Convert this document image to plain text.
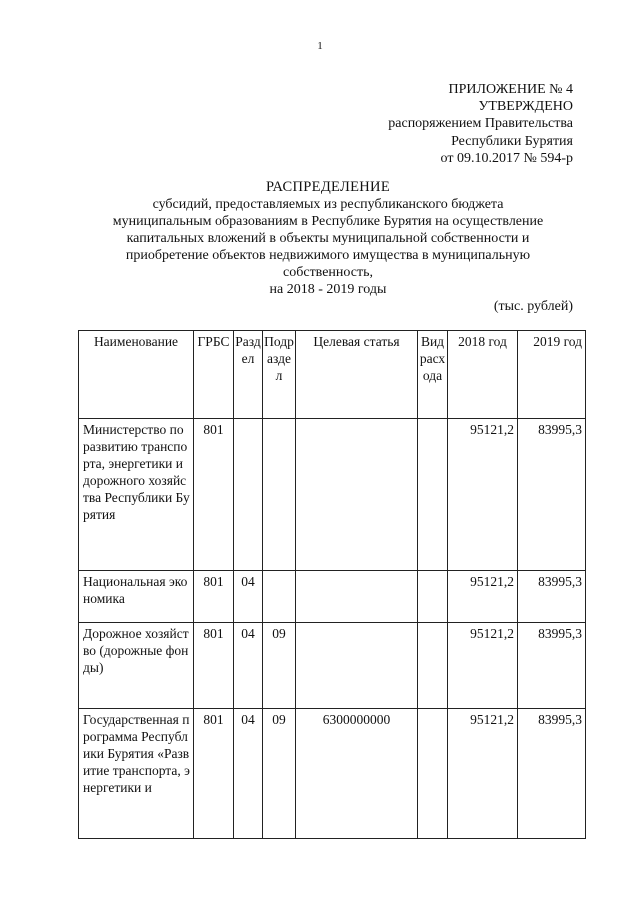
1
ПРИЛОЖЕНИЕ № 4
УТВЕРЖДЕНО
распоряжением Правительства
Республики Бурятия
от 09.10.2017 № 594-р
РАСПРЕДЕЛЕНИЕ
субсидий, предоставляемых из республиканского бюджета
муниципальным образованиям в Республике Бурятия на осуществление
капитальных вложений в объекты муниципальной собственности и
приобретение объектов недвижимого имущества в муниципальную
собственность,
на 2018 - 2019 годы
(тыс. рублей)
Наименование	ГРБС	Раздел	Подраздел	Целевая статья	Вид расхода	2018 год	2019 год
Министерство по развитию транспорта, энергетики и дорожного хозяйства Республики Бурятия	801					95121,2	83995,3
Национальная экономика	801	04				95121,2	83995,3
Дорожное хозяйство (дорожные фонды)	801	04	09			95121,2	83995,3
Государственная программа Республики Бурятия «Развитие транспорта, энергетики и	801	04	09	6300000000		95121,2	83995,3
